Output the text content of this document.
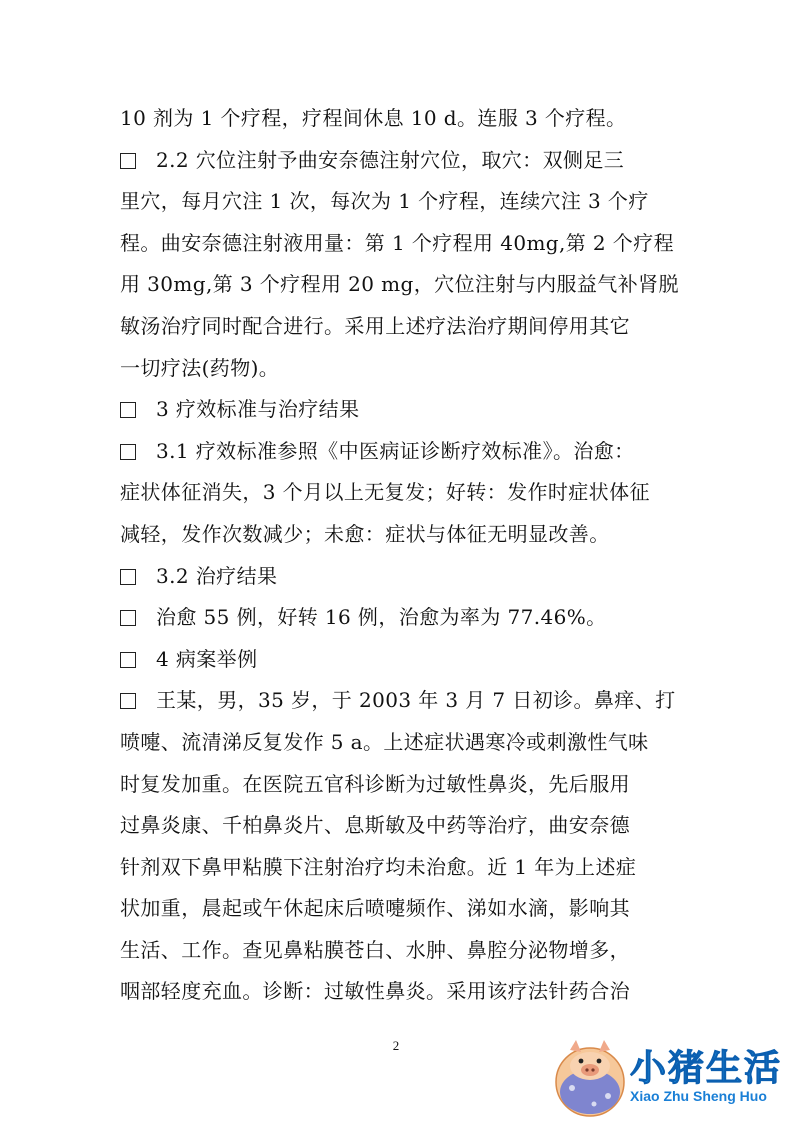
10 剂为 1 个疗程，疗程间休息 10 d。连服 3 个疗程。
2.2 穴位注射予曲安奈德注射穴位，取穴：双侧足三
里穴，每月穴注 1 次，每次为 1 个疗程，连续穴注 3 个疗
程。曲安奈德注射液用量：第 1 个疗程用 40mg,第 2 个疗程
用 30mg,第 3 个疗程用 20 mg，穴位注射与内服益气补肾脱
敏汤治疗同时配合进行。采用上述疗法治疗期间停用其它
一切疗法(药物)。
3 疗效标准与治疗结果
3.1 疗效标准参照《中医病证诊断疗效标准》。治愈：
症状体征消失，3 个月以上无复发；好转：发作时症状体征
减轻，发作次数减少；未愈：症状与体征无明显改善。
3.2 治疗结果
治愈 55 例，好转 16 例，治愈为率为 77.46%。
4 病案举例
王某，男，35 岁，于 2003 年 3 月 7 日初诊。鼻痒、打
喷嚏、流清涕反复发作 5 a。上述症状遇寒冷或刺激性气味
时复发加重。在医院五官科诊断为过敏性鼻炎，先后服用
过鼻炎康、千柏鼻炎片、息斯敏及中药等治疗，曲安奈德
针剂双下鼻甲粘膜下注射治疗均未治愈。近 1 年为上述症
状加重，晨起或午休起床后喷嚏频作、涕如水滴，影响其
生活、工作。查见鼻粘膜苍白、水肿、鼻腔分泌物增多，
咽部轻度充血。诊断：过敏性鼻炎。采用该疗法针药合治
2
小猪生活
Xiao Zhu Sheng Huo
